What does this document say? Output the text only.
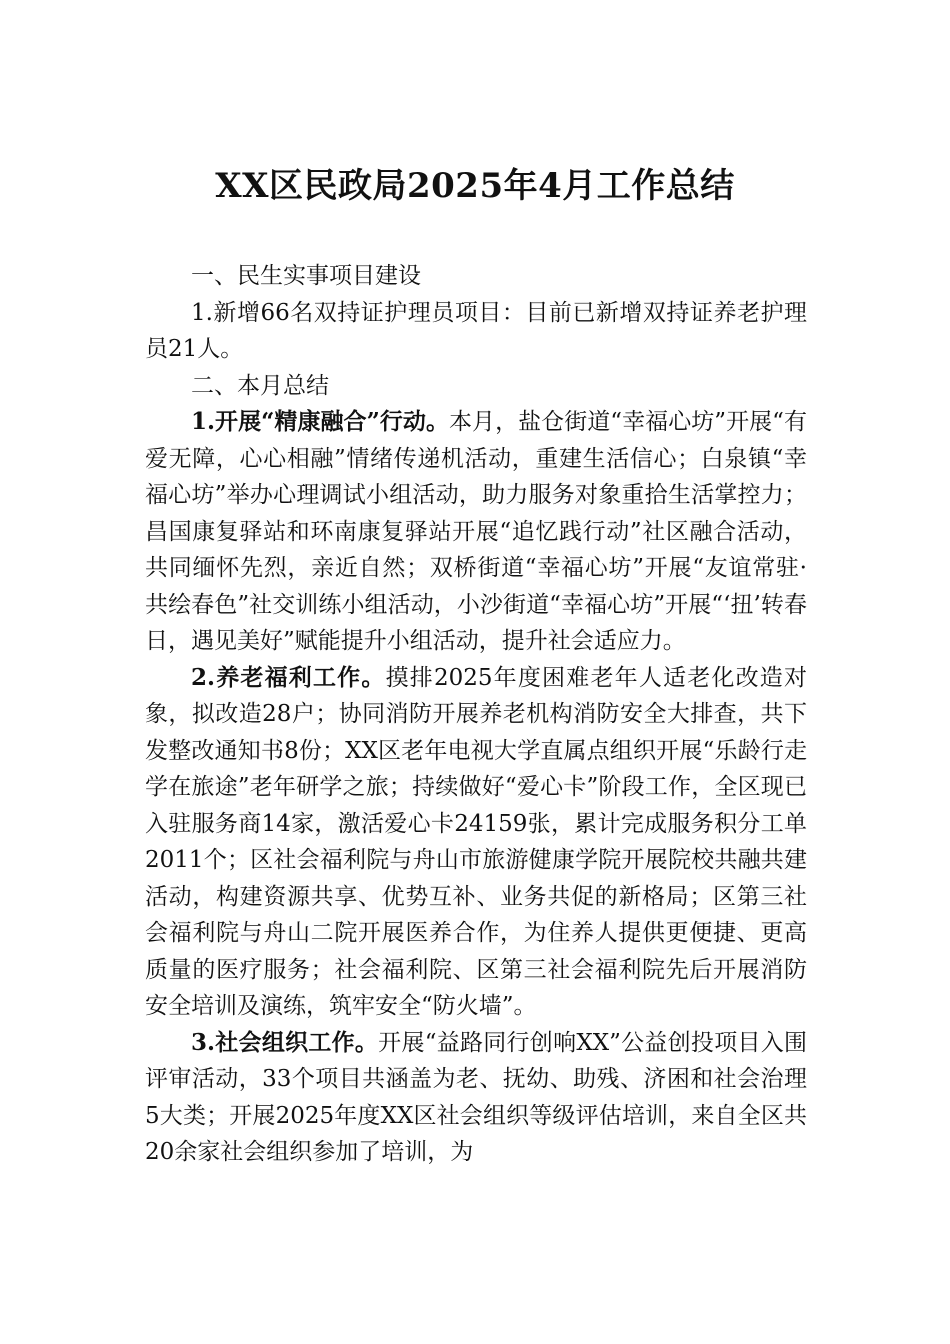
XX区民政局2025年4月工作总结

一、民生实事项目建设

1.新增66名双持证护理员项目：目前已新增双持证养老护理员21人。

二、本月总结

1.开展“精康融合”行动。本月，盐仓街道“幸福心坊”开展“有爱无障，心心相融”情绪传递机活动，重建生活信心；白泉镇“幸福心坊”举办心理调试小组活动，助力服务对象重拾生活掌控力；昌国康复驿站和环南康复驿站开展“追忆践行动”社区融合活动，共同缅怀先烈，亲近自然；双桥街道“幸福心坊”开展“友谊常驻·共绘春色”社交训练小组活动，小沙街道“幸福心坊”开展“‘扭’转春日，遇见美好”赋能提升小组活动，提升社会适应力。

2.养老福利工作。摸排2025年度困难老年人适老化改造对象，拟改造28户；协同消防开展养老机构消防安全大排查，共下发整改通知书8份；XX区老年电视大学直属点组织开展“乐龄行走学在旅途”老年研学之旅；持续做好“爱心卡”阶段工作，全区现已入驻服务商14家，激活爱心卡24159张，累计完成服务积分工单2011个；区社会福利院与舟山市旅游健康学院开展院校共融共建活动，构建资源共享、优势互补、业务共促的新格局；区第三社会福利院与舟山二院开展医养合作，为住养人提供更便捷、更高质量的医疗服务；社会福利院、区第三社会福利院先后开展消防安全培训及演练，筑牢安全“防火墙”。

3.社会组织工作。开展“益路同行创响XX”公益创投项目入围评审活动，33个项目共涵盖为老、抚幼、助残、济困和社会治理5大类；开展2025年度XX区社会组织等级评估培训，来自全区共20余家社会组织参加了培训，为
